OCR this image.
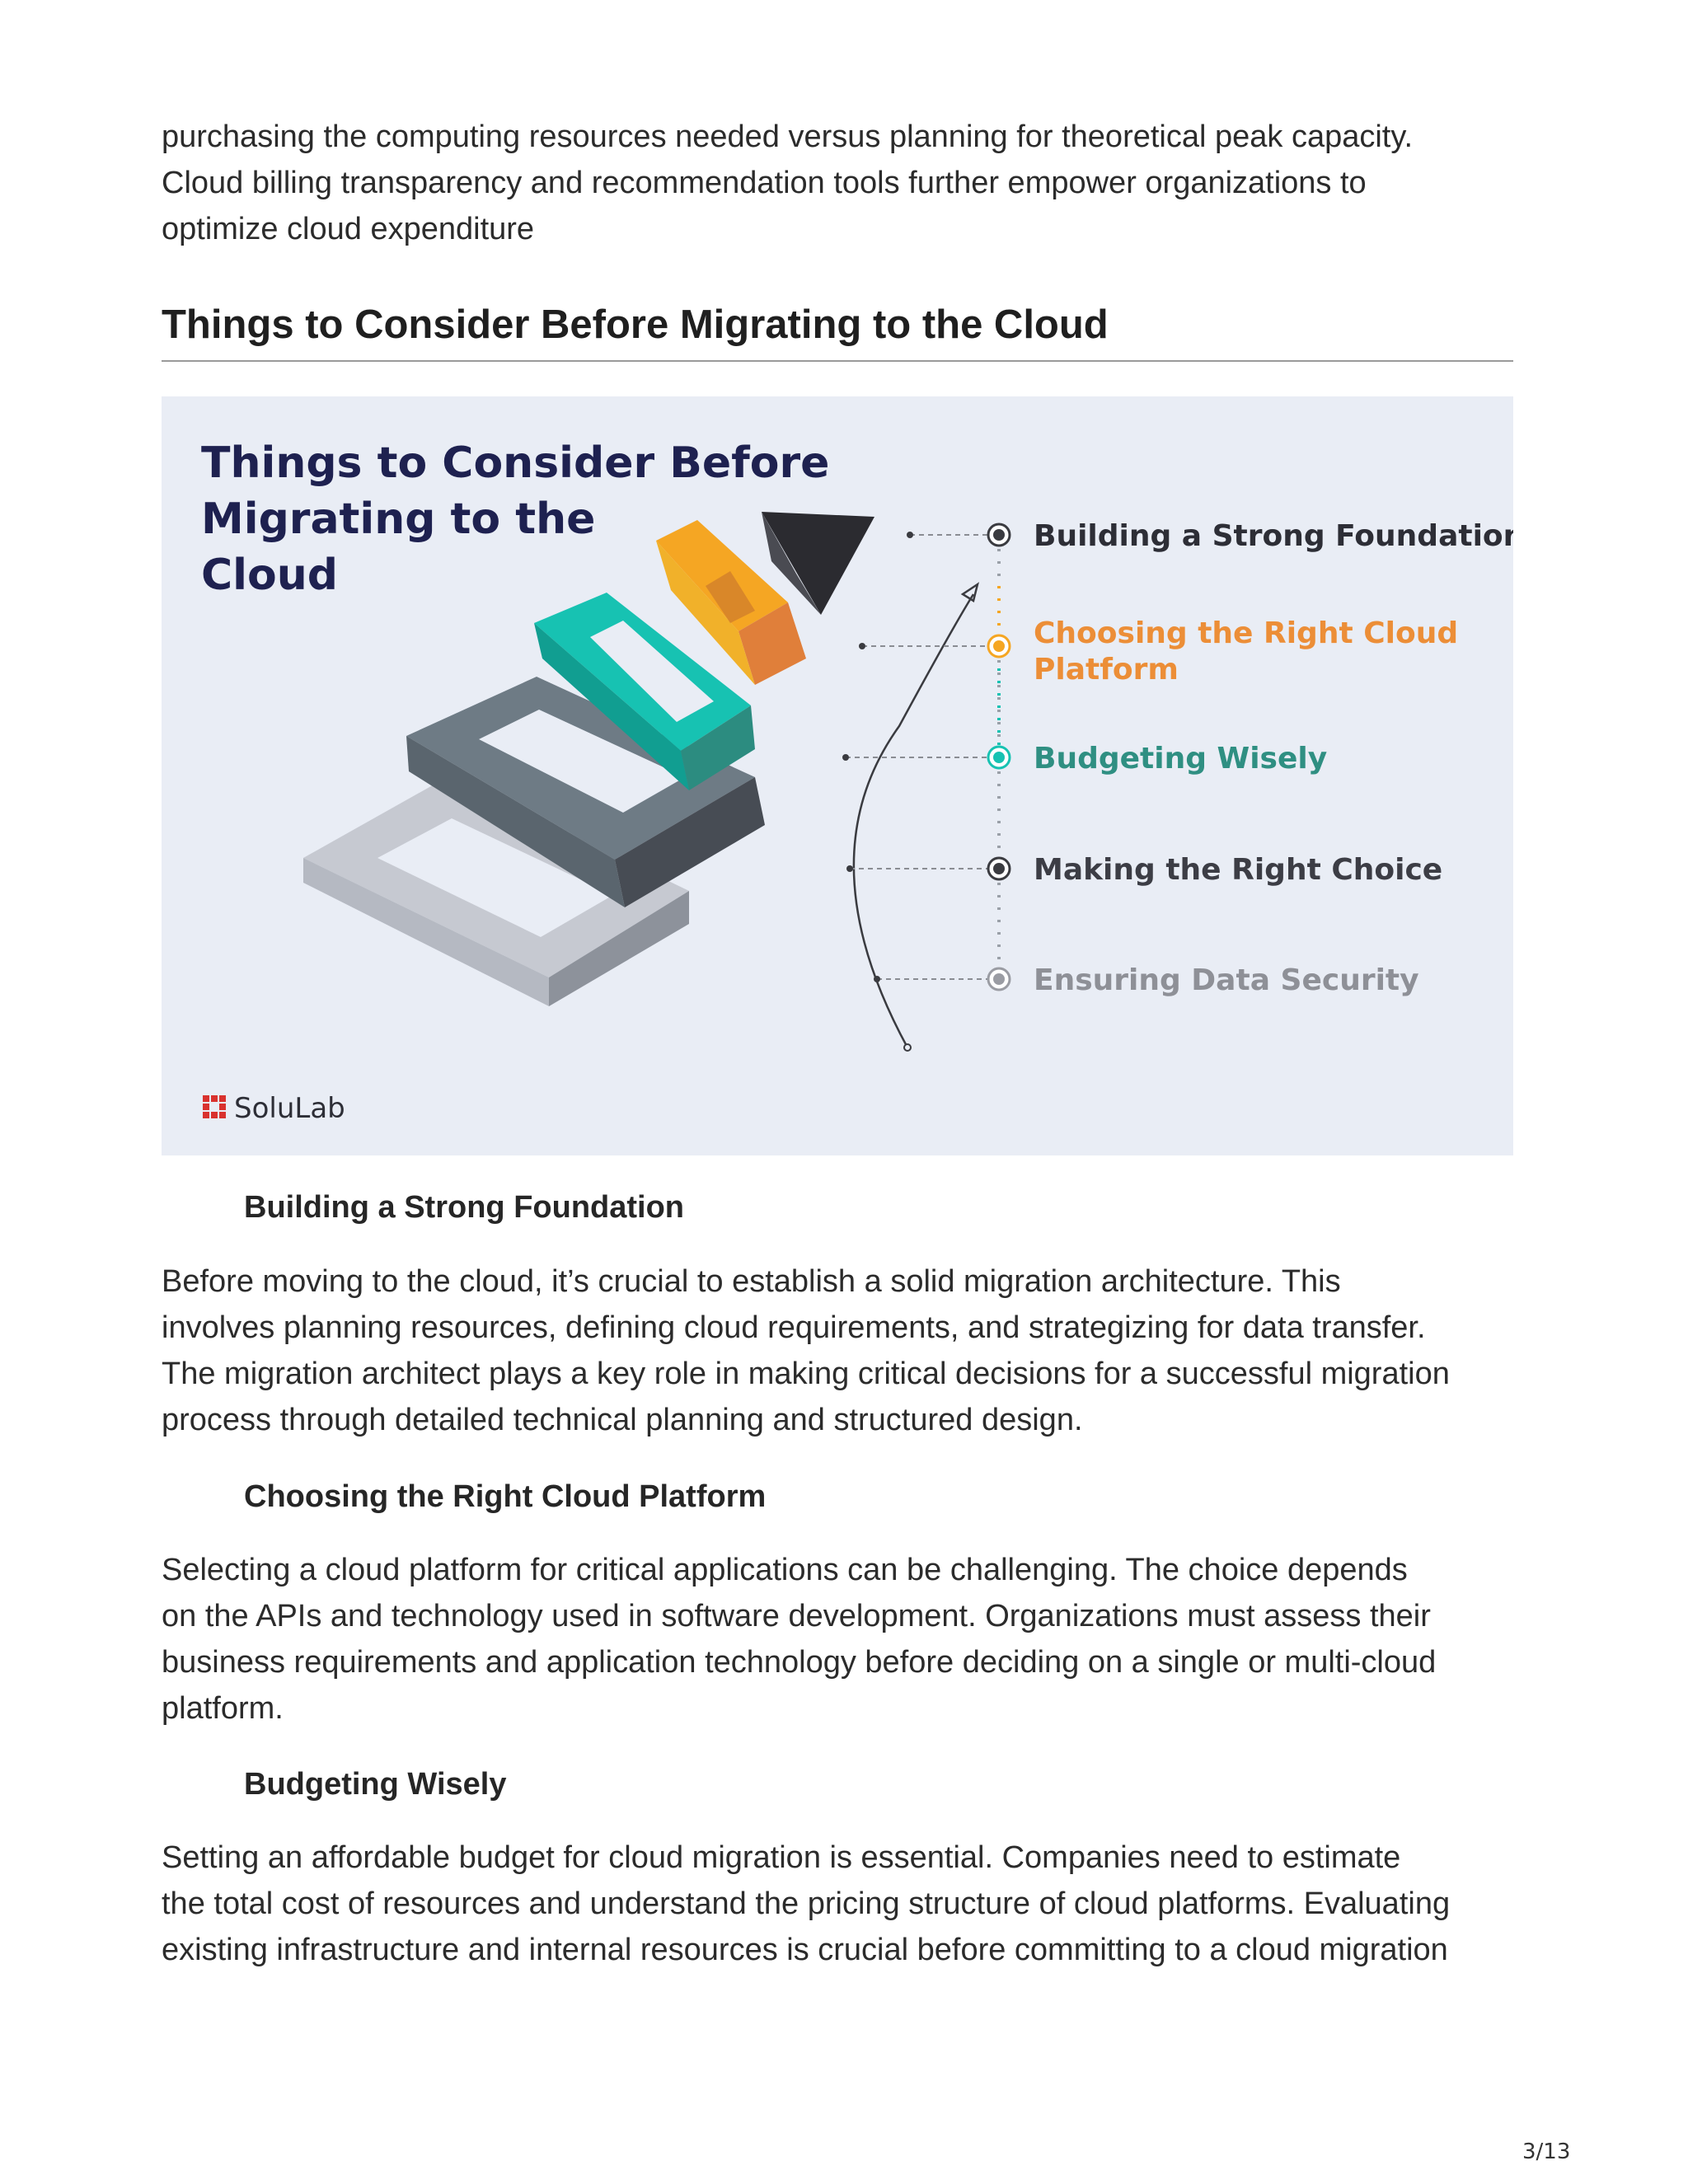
purchasing the computing resources needed versus planning for theoretical peak capacity.
Cloud billing transparency and recommendation tools further empower organizations to
optimize cloud expenditure
Things to Consider Before Migrating to the Cloud
Things to Consider Before
Migrating to the
Cloud
Building a Strong Foundation
Choosing the Right Cloud
Platform
Budgeting Wisely
Making the Right Choice
Ensuring Data Security
SoluLab
Building a Strong Foundation
Before moving to the cloud, it’s crucial to establish a solid migration architecture. This
involves planning resources, defining cloud requirements, and strategizing for data transfer.
The migration architect plays a key role in making critical decisions for a successful migration
process through detailed technical planning and structured design.
Choosing the Right Cloud Platform
Selecting a cloud platform for critical applications can be challenging. The choice depends
on the APIs and technology used in software development. Organizations must assess their
business requirements and application technology before deciding on a single or multi-cloud
platform.
Budgeting Wisely
Setting an affordable budget for cloud migration is essential. Companies need to estimate
the total cost of resources and understand the pricing structure of cloud platforms. Evaluating
existing infrastructure and internal resources is crucial before committing to a cloud migration
3/13
